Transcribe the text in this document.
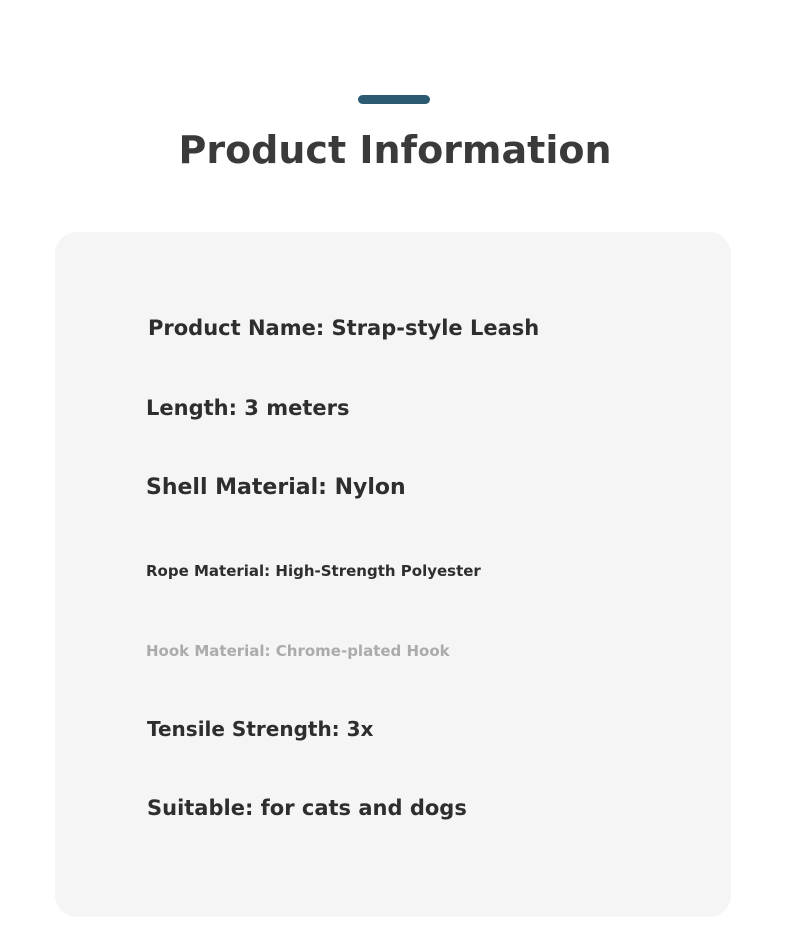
Product Information

Product Name: Strap-style Leash

Length: 3 meters

Shell Material: Nylon

Rope Material: High-Strength Polyester

Hook Material: Chrome-plated Hook

Tensile Strength: 3x

Suitable: for cats and dogs
